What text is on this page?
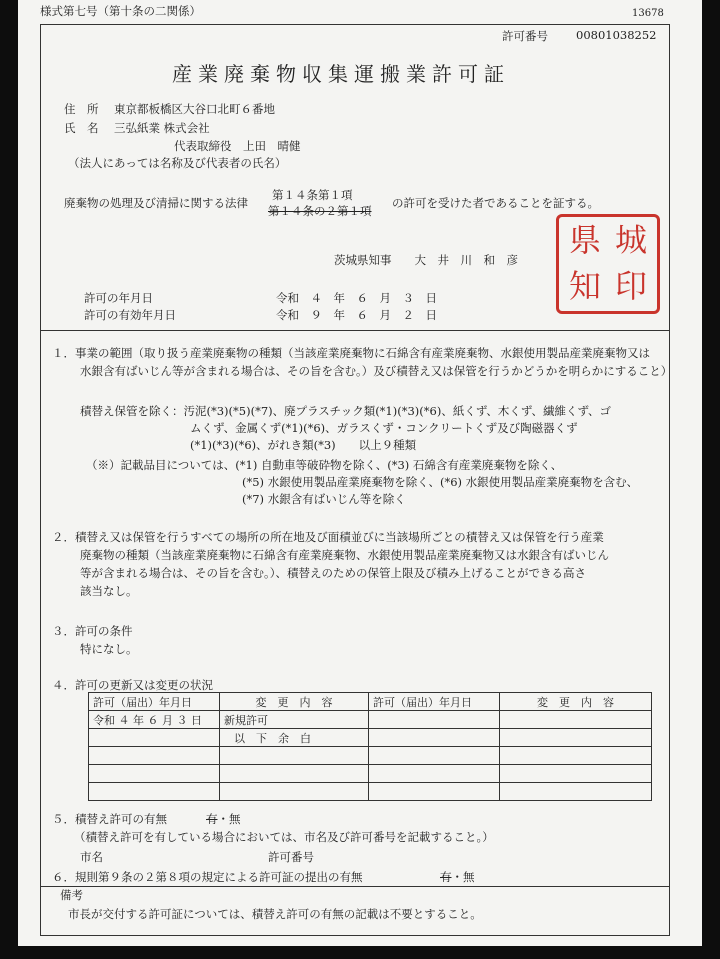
様式第七号（第十条の二関係）	13678
許可番号 00801038252
産業廃棄物収集運搬業許可証
住　所 東京都板橋区大谷口北町６番地
氏　名 三弘紙業 株式会社
代表取締役　上田　晴健
（法人にあっては名称及び代表者の氏名）
廃棄物の処理及び清掃に関する法律
第１４条第１項
第１４条の２第１項
の許可を受けた者であることを証する。
茨城県知事　　大　井　川　和　彦
県 城知 印
許可の年月日	令和　４　年　６　月　３　日
許可の有効年月日	令和　９　年　６　月　２　日
１．事業の範囲（取り扱う産業廃棄物の種類（当該産業廃棄物に石綿含有産業廃棄物、水銀使用製品産業廃棄物又は
水銀含有ばいじん等が含まれる場合は、その旨を含む。）及び積替え又は保管を行うかどうかを明らかにすること）
積替え保管を除く：汚泥(*3)(*5)(*7)、廃プラスチック類(*1)(*3)(*6)、紙くず、木くず、繊維くず、ゴ
ムくず、金属くず(*1)(*6)、ガラスくず・コンクリートくず及び陶磁器くず
(*1)(*3)(*6)、がれき類(*3)　　以上９種類
（※）記載品目については、(*1) 自動車等破砕物を除く、(*3) 石綿含有産業廃棄物を除く、
(*5) 水銀使用製品産業廃棄物を除く、(*6) 水銀使用製品産業廃棄物を含む、
(*7) 水銀含有ばいじん等を除く
２．積替え又は保管を行うすべての場所の所在地及び面積並びに当該場所ごとの積替え又は保管を行う産業
廃棄物の種類（当該産業廃棄物に石綿含有産業廃棄物、水銀使用製品産業廃棄物又は水銀含有ばいじん
等が含まれる場合は、その旨を含む。）、積替えのための保管上限及び積み上げることができる高さ
該当なし。
３．許可の条件
特になし。
４．許可の更新又は変更の状況
許可（届出）年月日	変　更　内　容	許可（届出）年月日	変　更　内　容
令和 ４ 年 ６ 月 ３ 日	新規許可		
	以　下　余　白		

５．積替え許可の有無	有・無
（積替え許可を有している場合においては、市名及び許可番号を記載すること。）
市名	許可番号
６．規則第９条の２第８項の規定による許可証の提出の有無	有・無
備考
市長が交付する許可証については、積替え許可の有無の記載は不要とすること。
